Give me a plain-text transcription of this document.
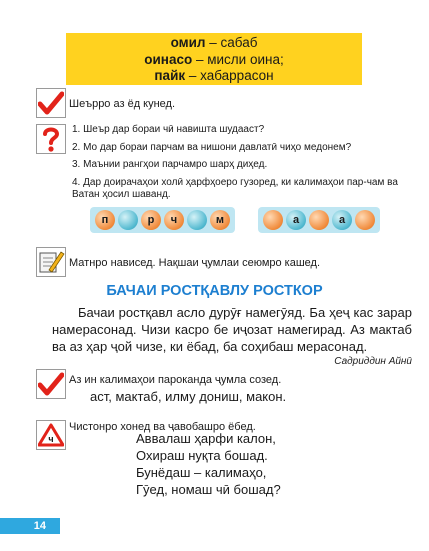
омил – сабаб
оинасо – мисли оина;
пайк – хабаррасон
Шеърро аз ёд кунед.
1. Шеър дар бораи чӣ навишта шудааст?
2. Мо дар бораи парчам ва нишони давлатӣ чиҳо медонем?
3. Маънии рангҳои парчамро шарҳ диҳед.
4. Дар доирачаҳои холӣ ҳарфҳоеро гузоред, ки калимаҳои пар-чам ва Ватан ҳосил шаванд.
п	р	ч	м	а	а
Матнро нависед. Нақшаи ҷумлаи сеюмро кашед.
БАЧАИ РОСТҚАВЛУ РОСТКОР
Бачаи ростқавл асло дурӯғ намегӯяд. Ба ҳеҷ кас зарар намерасонад. Чизи касро бе иҷозат намегирад. Аз мактаб ва аз ҳар ҷой чизе, ки ёбад, ба соҳибаш мерасонад.
Садриддин Айнӣ
Аз ин калимаҳои пароканда ҷумла созед.
аст, мактаб, илму дониш, макон.
ч
Чистонро хонед ва ҷавобашро ёбед.
Аввалаш ҳарфи калон,
Охираш нуқта бошад.
Бунёдаш – калимаҳо,
Гӯед, номаш чӣ бошад?
14
